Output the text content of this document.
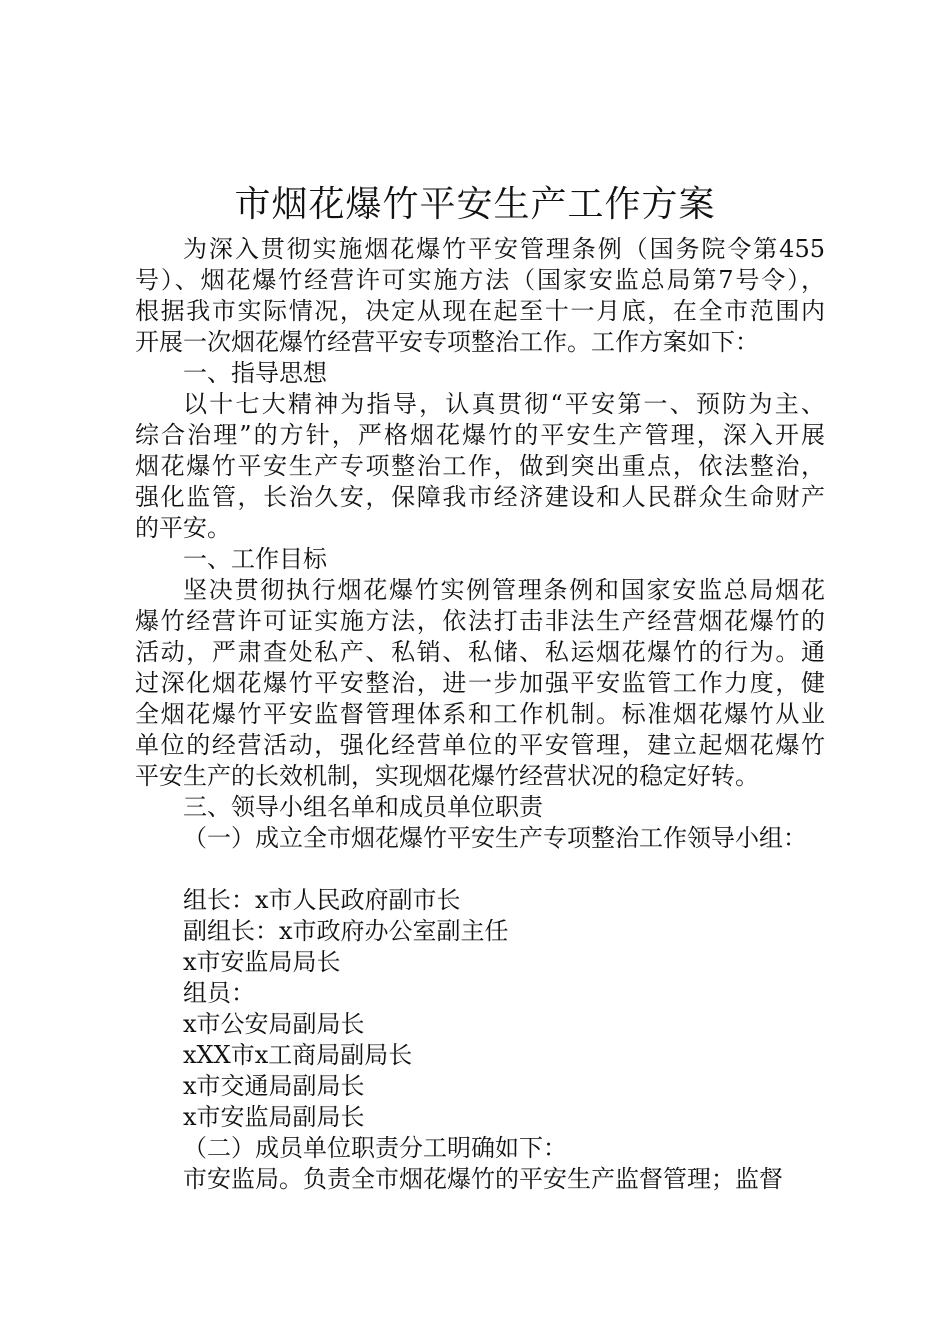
市烟花爆竹平安生产工作方案
为深入贯彻实施烟花爆竹平安管理条例（国务院令第455
号）、烟花爆竹经营许可实施方法（国家安监总局第7号令），
根据我市实际情况，决定从现在起至十一月底，在全市范围内
开展一次烟花爆竹经营平安专项整治工作。工作方案如下：
一、指导思想
以十七大精神为指导，认真贯彻“平安第一、预防为主、
综合治理”的方针，严格烟花爆竹的平安生产管理，深入开展
烟花爆竹平安生产专项整治工作，做到突出重点，依法整治，
强化监管，长治久安，保障我市经济建设和人民群众生命财产
的平安。
一、工作目标
坚决贯彻执行烟花爆竹实例管理条例和国家安监总局烟花
爆竹经营许可证实施方法，依法打击非法生产经营烟花爆竹的
活动，严肃查处私产、私销、私储、私运烟花爆竹的行为。通
过深化烟花爆竹平安整治，进一步加强平安监管工作力度，健
全烟花爆竹平安监督管理体系和工作机制。标准烟花爆竹从业
单位的经营活动，强化经营单位的平安管理，建立起烟花爆竹
平安生产的长效机制，实现烟花爆竹经营状况的稳定好转。
三、领导小组名单和成员单位职责
（一）成立全市烟花爆竹平安生产专项整治工作领导小组：
组长：x市人民政府副市长
副组长：x市政府办公室副主任
x市安监局局长
组员：
x市公安局副局长
xXX市x工商局副局长
x市交通局副局长
x市安监局副局长
（二）成员单位职责分工明确如下：
市安监局。负责全市烟花爆竹的平安生产监督管理；监督
